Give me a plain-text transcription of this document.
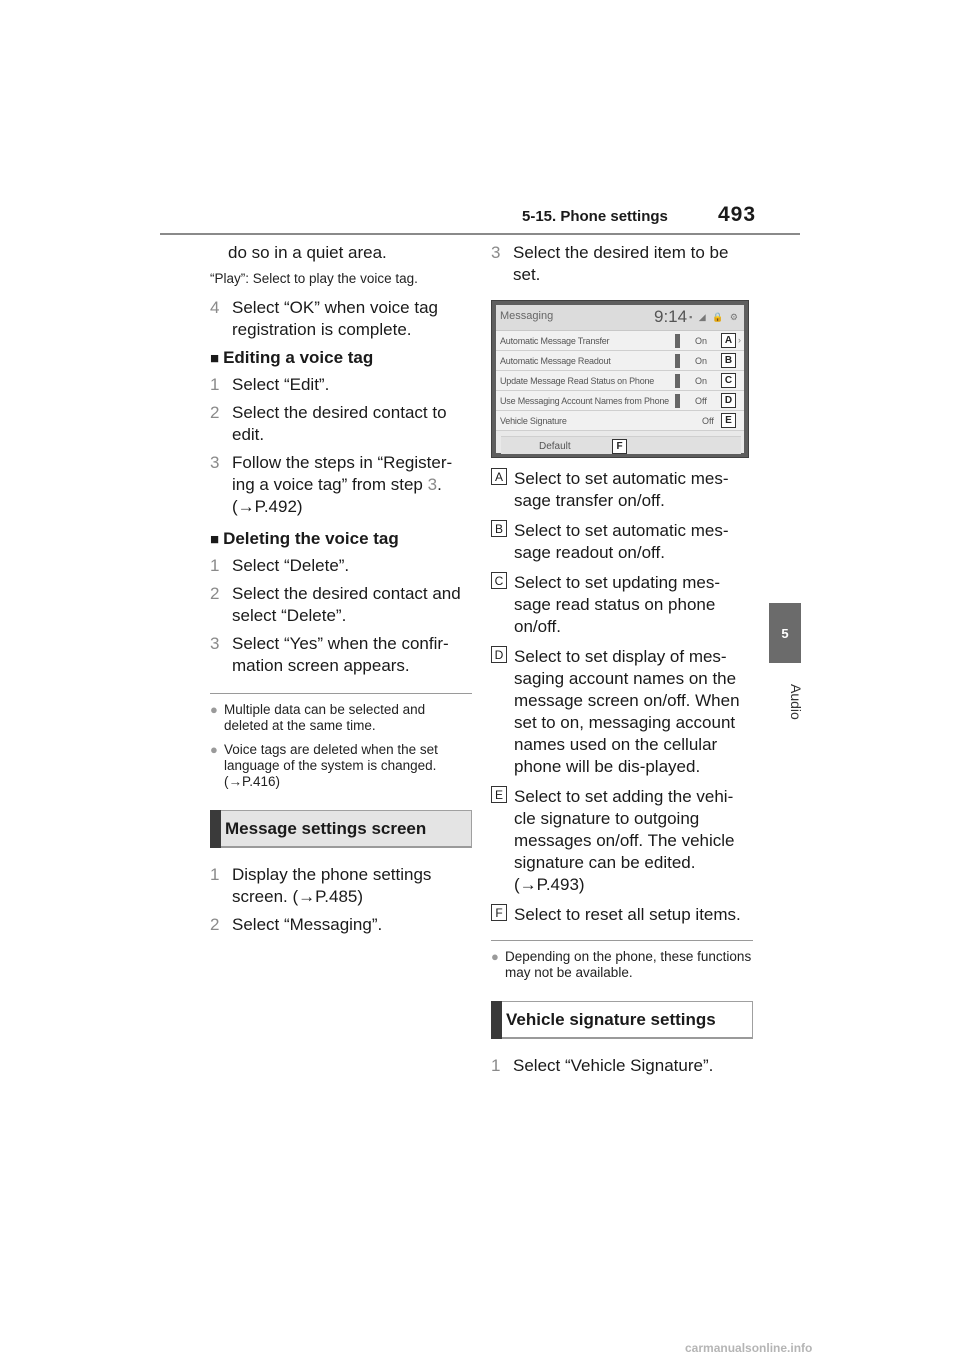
5-15. Phone settings 493
5
Audio
do so in a quiet area.
“Play”: Select to play the voice tag.
4 Select “OK” when voice tag registration is complete.
■ Editing a voice tag
1 Select “Edit”.
2 Select the desired contact to edit.
3 Follow the steps in “Register-ing a voice tag” from step 3. (→P.492)
■ Deleting the voice tag
1 Select “Delete”.
2 Select the desired contact and select “Delete”.
3 Select “Yes” when the confir-mation screen appears.
● Multiple data can be selected and deleted at the same time.
● Voice tags are deleted when the set language of the system is changed. (→P.416)
Message settings screen
1 Display the phone settings screen. (→P.485)
2 Select “Messaging”.
3 Select the desired item to be set.
Messaging	9:14 ▪ ◢ 🔒 ⚙
Automatic Message Transfer	On	A ›
Automatic Message Readout	On	B
Update Message Read Status on Phone	On	C
Use Messaging Account Names from Phone	Off	D
Vehicle Signature	Off	E
Default	F
A Select to set automatic mes-sage transfer on/off.
B Select to set automatic mes-sage readout on/off.
C Select to set updating mes-sage read status on phone on/off.
D Select to set display of mes-saging account names on the message screen on/off. When set to on, messaging account names used on the cellular phone will be dis-played.
E Select to set adding the vehi-cle signature to outgoing messages on/off. The vehicle signature can be edited. (→P.493)
F Select to reset all setup items.
● Depending on the phone, these functions may not be available.
Vehicle signature settings
1 Select “Vehicle Signature”.
carmanualsonline.info
